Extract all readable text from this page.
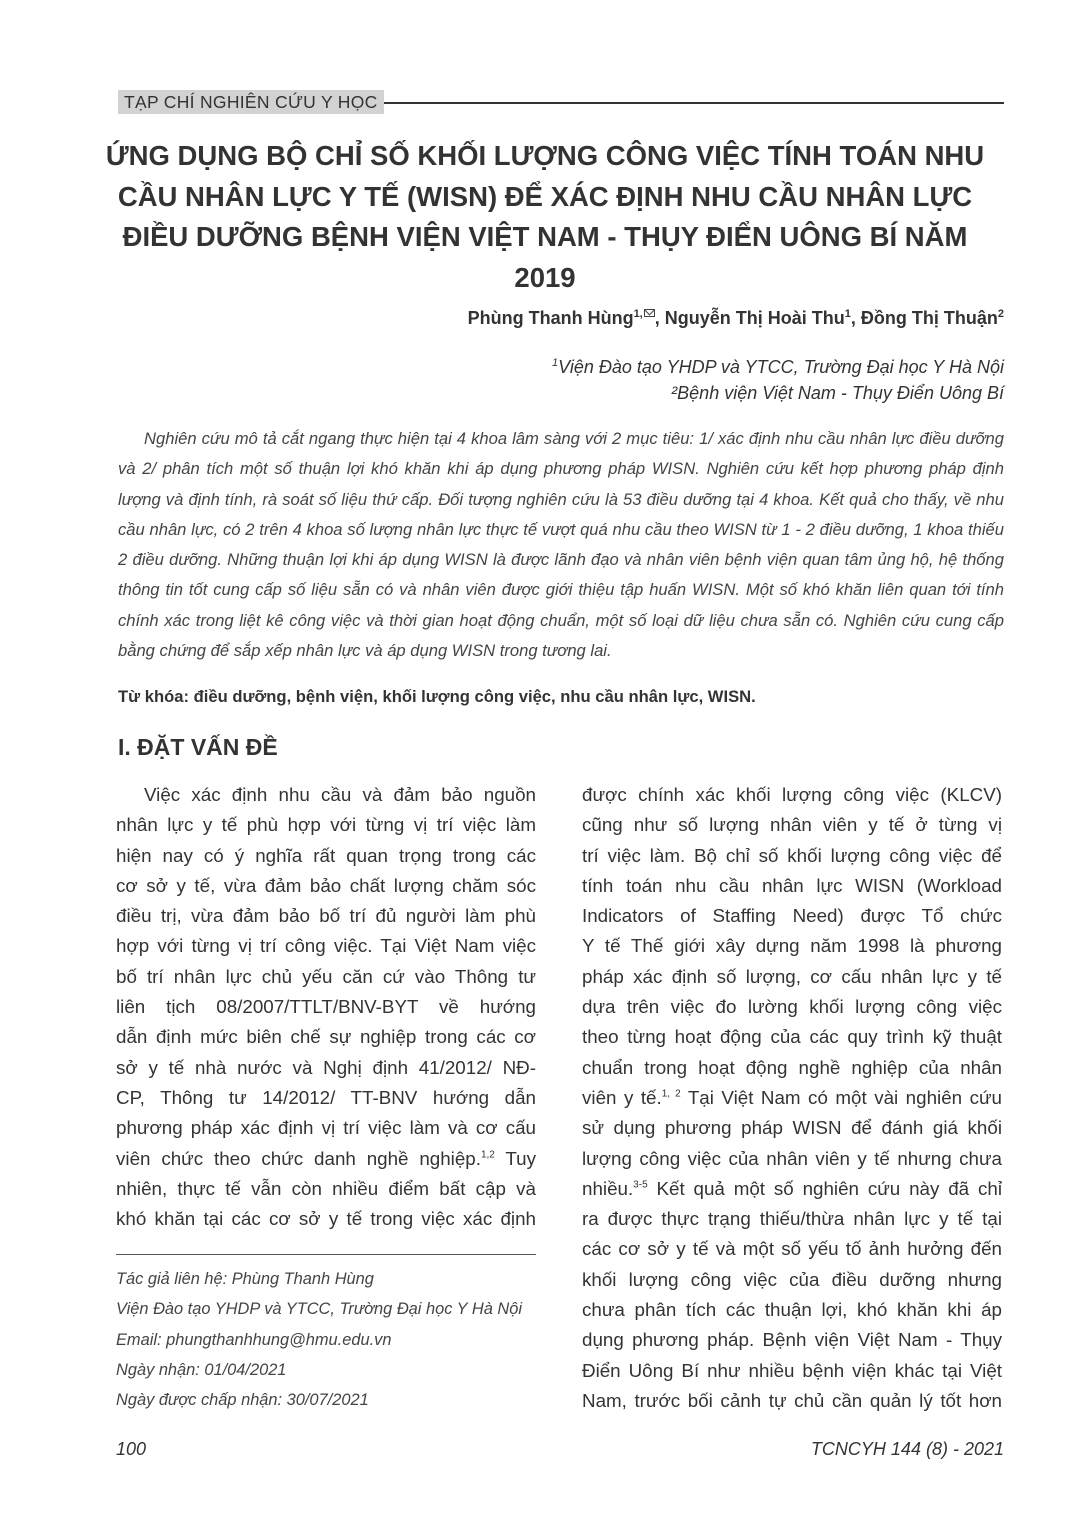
TẠP CHÍ NGHIÊN CỨU Y HỌC
ỨNG DỤNG BỘ CHỈ SỐ KHỐI LƯỢNG CÔNG VIỆC TÍNH TOÁN NHU CẦU NHÂN LỰC Y TẾ (WISN) ĐỂ XÁC ĐỊNH NHU CẦU NHÂN LỰC ĐIỀU DƯỠNG BỆNH VIỆN VIỆT NAM - THỤY ĐIỂN UÔNG BÍ NĂM 2019

Phùng Thanh Hùng$^{1,}$ , Nguyễn Thị Hoài Thu$^1$, Đồng Thị Thuận$^2$

$^1$Viện Đào tạo YHDP và YTCC, Trường Đại học Y Hà Nội

²Bệnh viện Việt Nam - Thụy Điển Uông Bí

Nghiên cứu mô tả cắt ngang thực hiện tại 4 khoa lâm sàng với 2 mục tiêu: 1/ xác định nhu cầu nhân lực điều dưỡng và 2/ phân tích một số thuận lợi khó khăn khi áp dụng phương pháp WISN. Nghiên cứu kết hợp phương pháp định lượng và định tính, rà soát số liệu thứ cấp. Đối tượng nghiên cứu là 53 điều dưỡng tại 4 khoa. Kết quả cho thấy, về nhu cầu nhân lực, có 2 trên 4 khoa số lượng nhân lực thực tế vượt quá nhu cầu theo WISN từ 1 - 2 điều dưỡng, 1 khoa thiếu 2 điều dưỡng. Những thuận lợi khi áp dụng WISN là được lãnh đạo và nhân viên bệnh viện quan tâm ủng hộ, hệ thống thông tin tốt cung cấp số liệu sẵn có và nhân viên được giới thiệu tập huấn WISN. Một số khó khăn liên quan tới tính chính xác trong liệt kê công việc và thời gian hoạt động chuẩn, một số loại dữ liệu chưa sẵn có. Nghiên cứu cung cấp bằng chứng để sắp xếp nhân lực và áp dụng WISN trong tương lai.

Từ khóa: điều dưỡng, bệnh viện, khối lượng công việc, nhu cầu nhân lực, WISN.

I. ĐẶT VẤN ĐỀ
Việc xác định nhu cầu và đảm bảo nguồn
nhân lực y tế phù hợp với từng vị trí việc làm
hiện nay có ý nghĩa rất quan trọng trong các
cơ sở y tế, vừa đảm bảo chất lượng chăm sóc
điều trị, vừa đảm bảo bố trí đủ người làm phù
hợp với từng vị trí công việc. Tại Việt Nam việc
bố trí nhân lực chủ yếu căn cứ vào Thông tư
liên tịch 08/2007/TTLT/BNV-BYT về hướng
dẫn định mức biên chế sự nghiệp trong các cơ
sở y tế nhà nước và Nghị định 41/2012/ NĐ-
CP, Thông tư 14/2012/ TT-BNV hướng dẫn
phương pháp xác định vị trí việc làm và cơ cấu
viên chức theo chức danh nghề nghiệp.$^{1,2}$ Tuy
nhiên, thực tế vẫn còn nhiều điểm bất cập và
khó khăn tại các cơ sở y tế trong việc xác định
được chính xác khối lượng công việc (KLCV)
cũng như số lượng nhân viên y tế ở từng vị
trí việc làm. Bộ chỉ số khối lượng công việc để
tính toán nhu cầu nhân lực WISN (Workload
Indicators of Staffing Need) được Tổ chức
Y tế Thế giới xây dựng năm 1998 là phương
pháp xác định số lượng, cơ cấu nhân lực y tế
dựa trên việc đo lường khối lượng công việc
theo từng hoạt động của các quy trình kỹ thuật
chuẩn trong hoạt động nghề nghiệp của nhân
viên y tế.$^{1, 2}$ Tại Việt Nam có một vài nghiên cứu
sử dụng phương pháp WISN để đánh giá khối
lượng công việc của nhân viên y tế nhưng chưa
nhiều.$^{3-5}$ Kết quả một số nghiên cứu này đã chỉ
ra được thực trạng thiếu/thừa nhân lực y tế tại
các cơ sở y tế và một số yếu tố ảnh hưởng đến
khối lượng công việc của điều dưỡng nhưng
chưa phân tích các thuận lợi, khó khăn khi áp
dụng phương pháp. Bệnh viện Việt Nam - Thụy
Điển Uông Bí như nhiều bệnh viện khác tại Việt
Nam, trước bối cảnh tự chủ cần quản lý tốt hơn
Tác giả liên hệ: Phùng Thanh Hùng
Viện Đào tạo YHDP và YTCC, Trường Đại học Y Hà Nội
Email: phungthanhhung@hmu.edu.vn
Ngày nhận: 01/04/2021
Ngày được chấp nhận: 30/07/2021

100	TCNCYH 144 (8) - 2021
